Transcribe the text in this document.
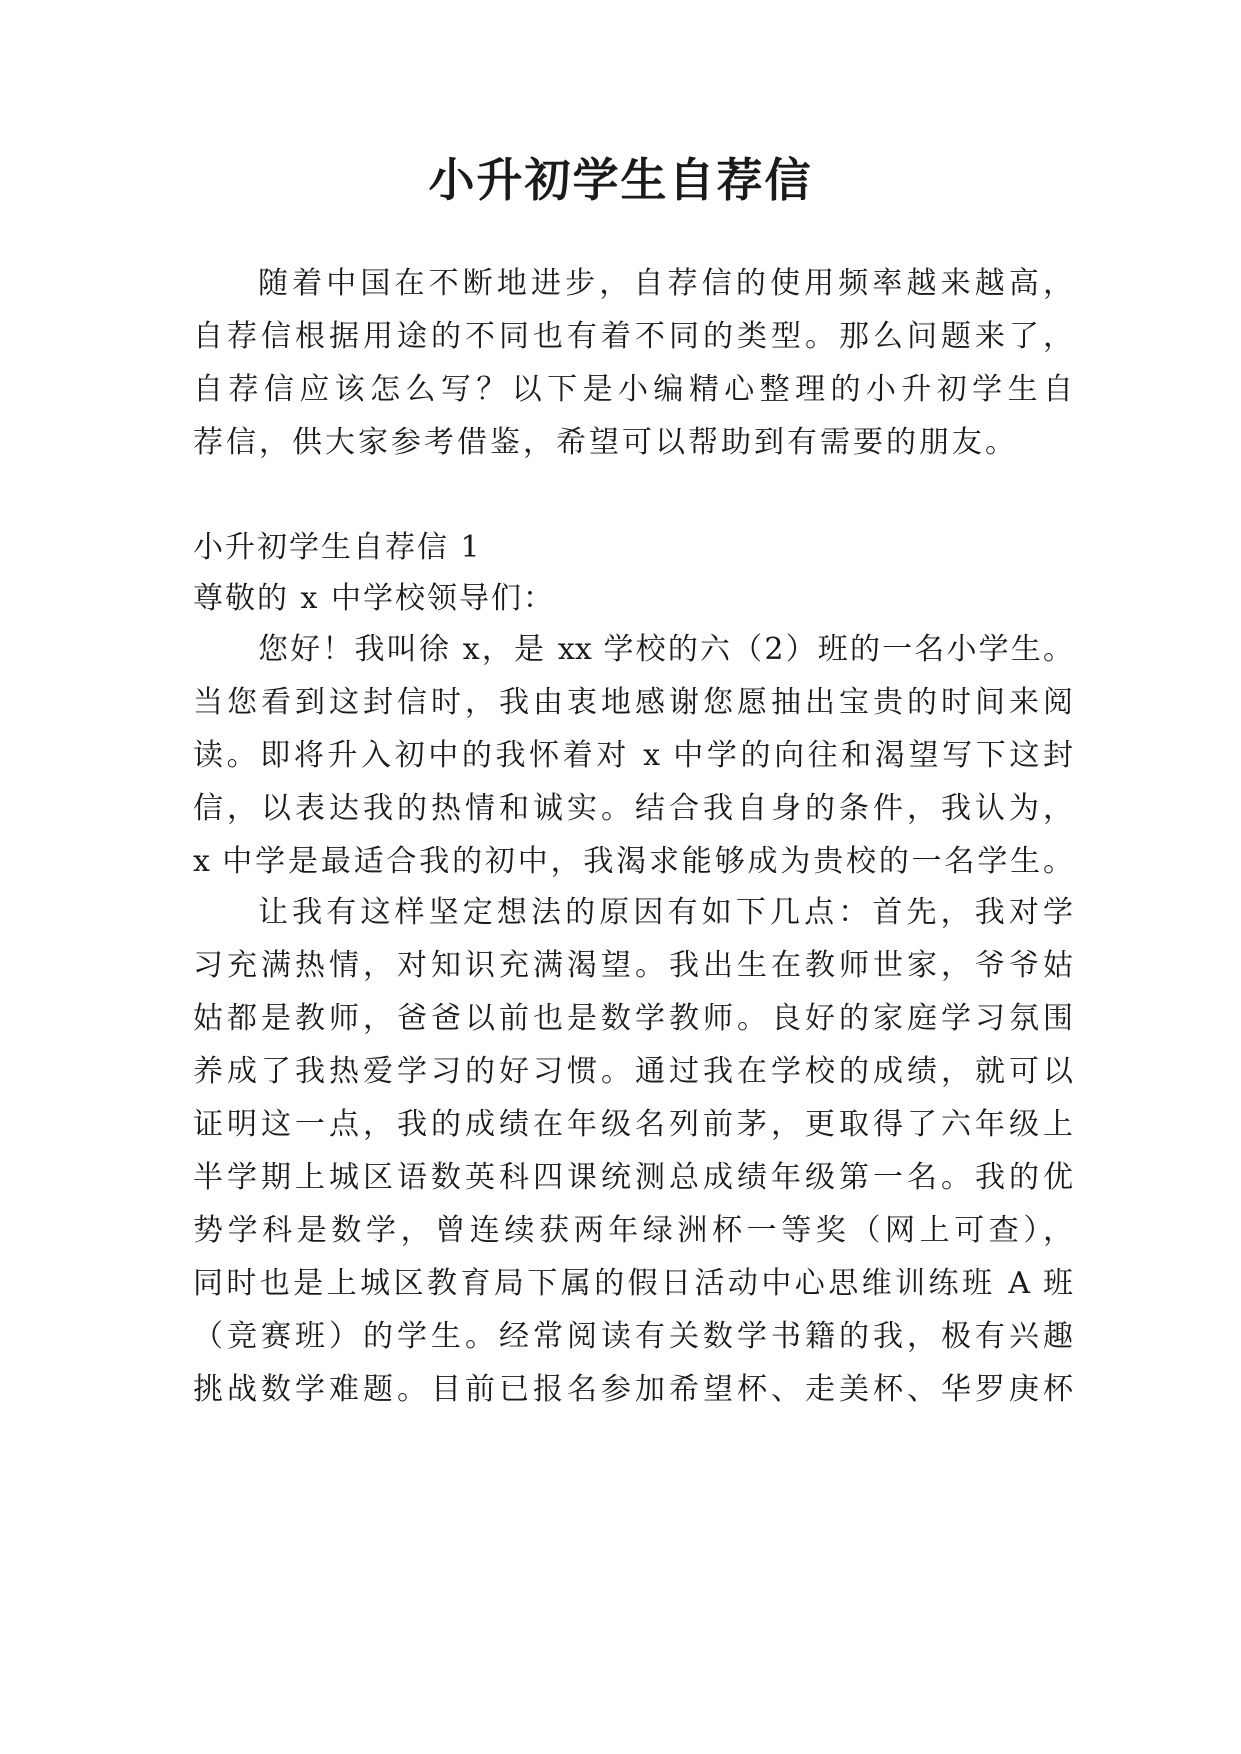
小升初学生自荐信
随着中国在不断地进步，自荐信的使用频率越来越高，
自荐信根据用途的不同也有着不同的类型。那么问题来了，
自荐信应该怎么写？以下是小编精心整理的小升初学生自
荐信，供大家参考借鉴，希望可以帮助到有需要的朋友。
小升初学生自荐信 1
尊敬的 x 中学校领导们：
您好！我叫徐 x，是 xx 学校的六（2）班的一名小学生。
当您看到这封信时，我由衷地感谢您愿抽出宝贵的时间来阅
读。即将升入初中的我怀着对 x 中学的向往和渴望写下这封
信，以表达我的热情和诚实。结合我自身的条件，我认为，
x 中学是最适合我的初中，我渴求能够成为贵校的一名学生。
让我有这样坚定想法的原因有如下几点：首先，我对学
习充满热情，对知识充满渴望。我出生在教师世家，爷爷姑
姑都是教师，爸爸以前也是数学教师。良好的家庭学习氛围
养成了我热爱学习的好习惯。通过我在学校的成绩，就可以
证明这一点，我的成绩在年级名列前茅，更取得了六年级上
半学期上城区语数英科四课统测总成绩年级第一名。我的优
势学科是数学，曾连续获两年绿洲杯一等奖（网上可查），
同时也是上城区教育局下属的假日活动中心思维训练班 A 班
（竞赛班）的学生。经常阅读有关数学书籍的我，极有兴趣
挑战数学难题。目前已报名参加希望杯、走美杯、华罗庚杯
